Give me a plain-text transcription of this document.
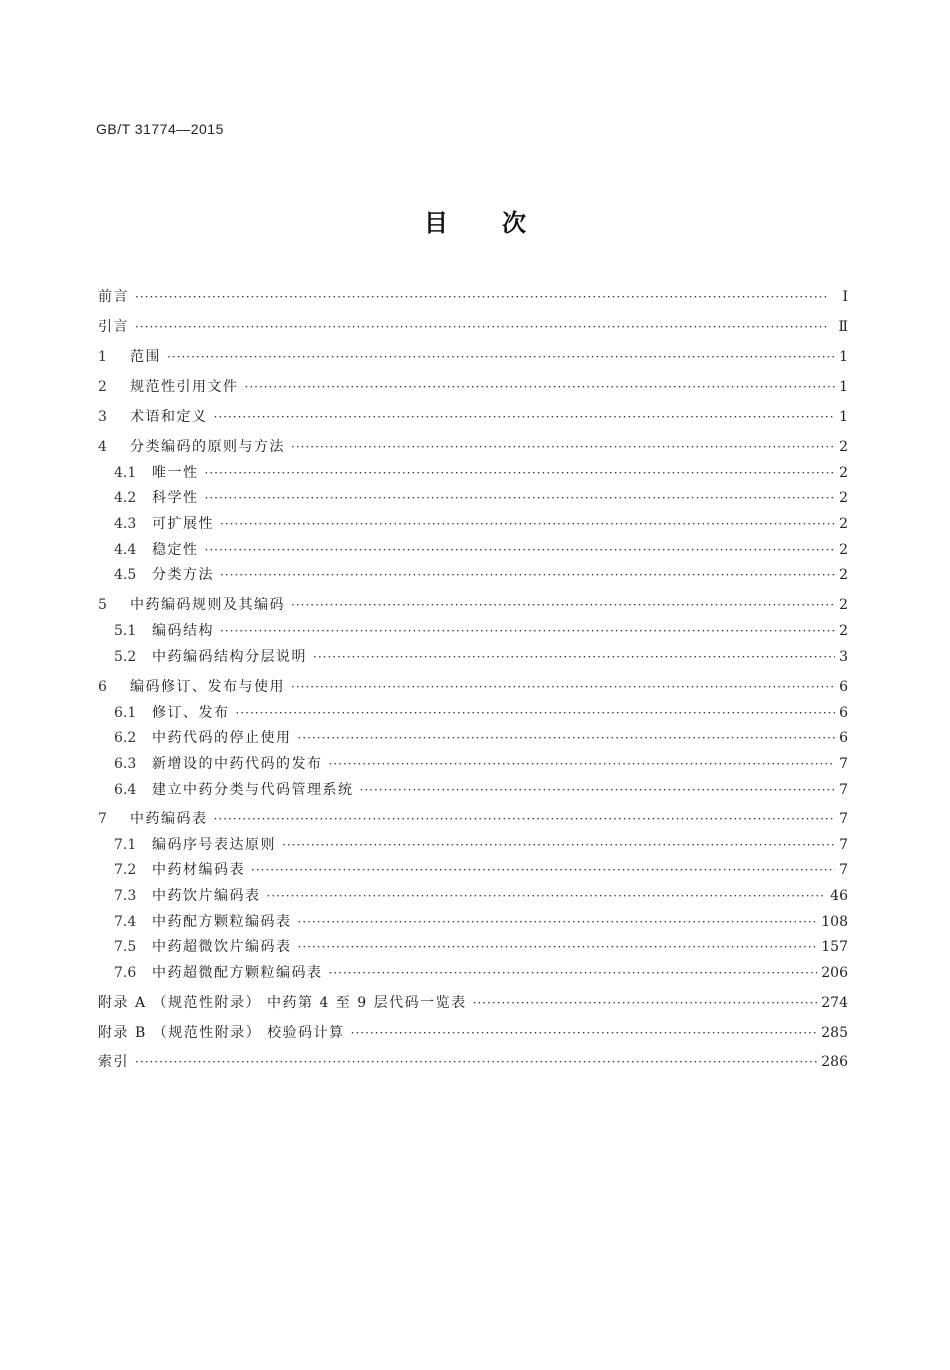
GB/T 31774—2015
目 次
前言 ·····	Ⅰ
引言 ·····	Ⅱ
1	范围 ·····	1
2	规范性引用文件 ·····	1
3	术语和定义 ·····	1
4	分类编码的原则与方法 ·····	2
4.1	唯一性 ·····	2
4.2	科学性 ·····	2
4.3	可扩展性 ·····	2
4.4	稳定性 ·····	2
4.5	分类方法 ·····	2
5	中药编码规则及其编码 ·····	2
5.1	编码结构 ·····	2
5.2	中药编码结构分层说明 ·····	3
6	编码修订、发布与使用 ·····	6
6.1	修订、发布 ·····	6
6.2	中药代码的停止使用 ·····	6
6.3	新增设的中药代码的发布 ·····	7
6.4	建立中药分类与代码管理系统 ·····	7
7	中药编码表 ·····	7
7.1	编码序号表达原则 ·····	7
7.2	中药材编码表 ·····	7
7.3	中药饮片编码表 ·····	46
7.4	中药配方颗粒编码表 ·····	108
7.5	中药超微饮片编码表 ·····	157
7.6	中药超微配方颗粒编码表 ·····	206
附录 A （规范性附录） 中药第 4 至 9 层代码一览表 ·····	274
附录 B （规范性附录） 校验码计算 ·····	285
索引 ·····	286
